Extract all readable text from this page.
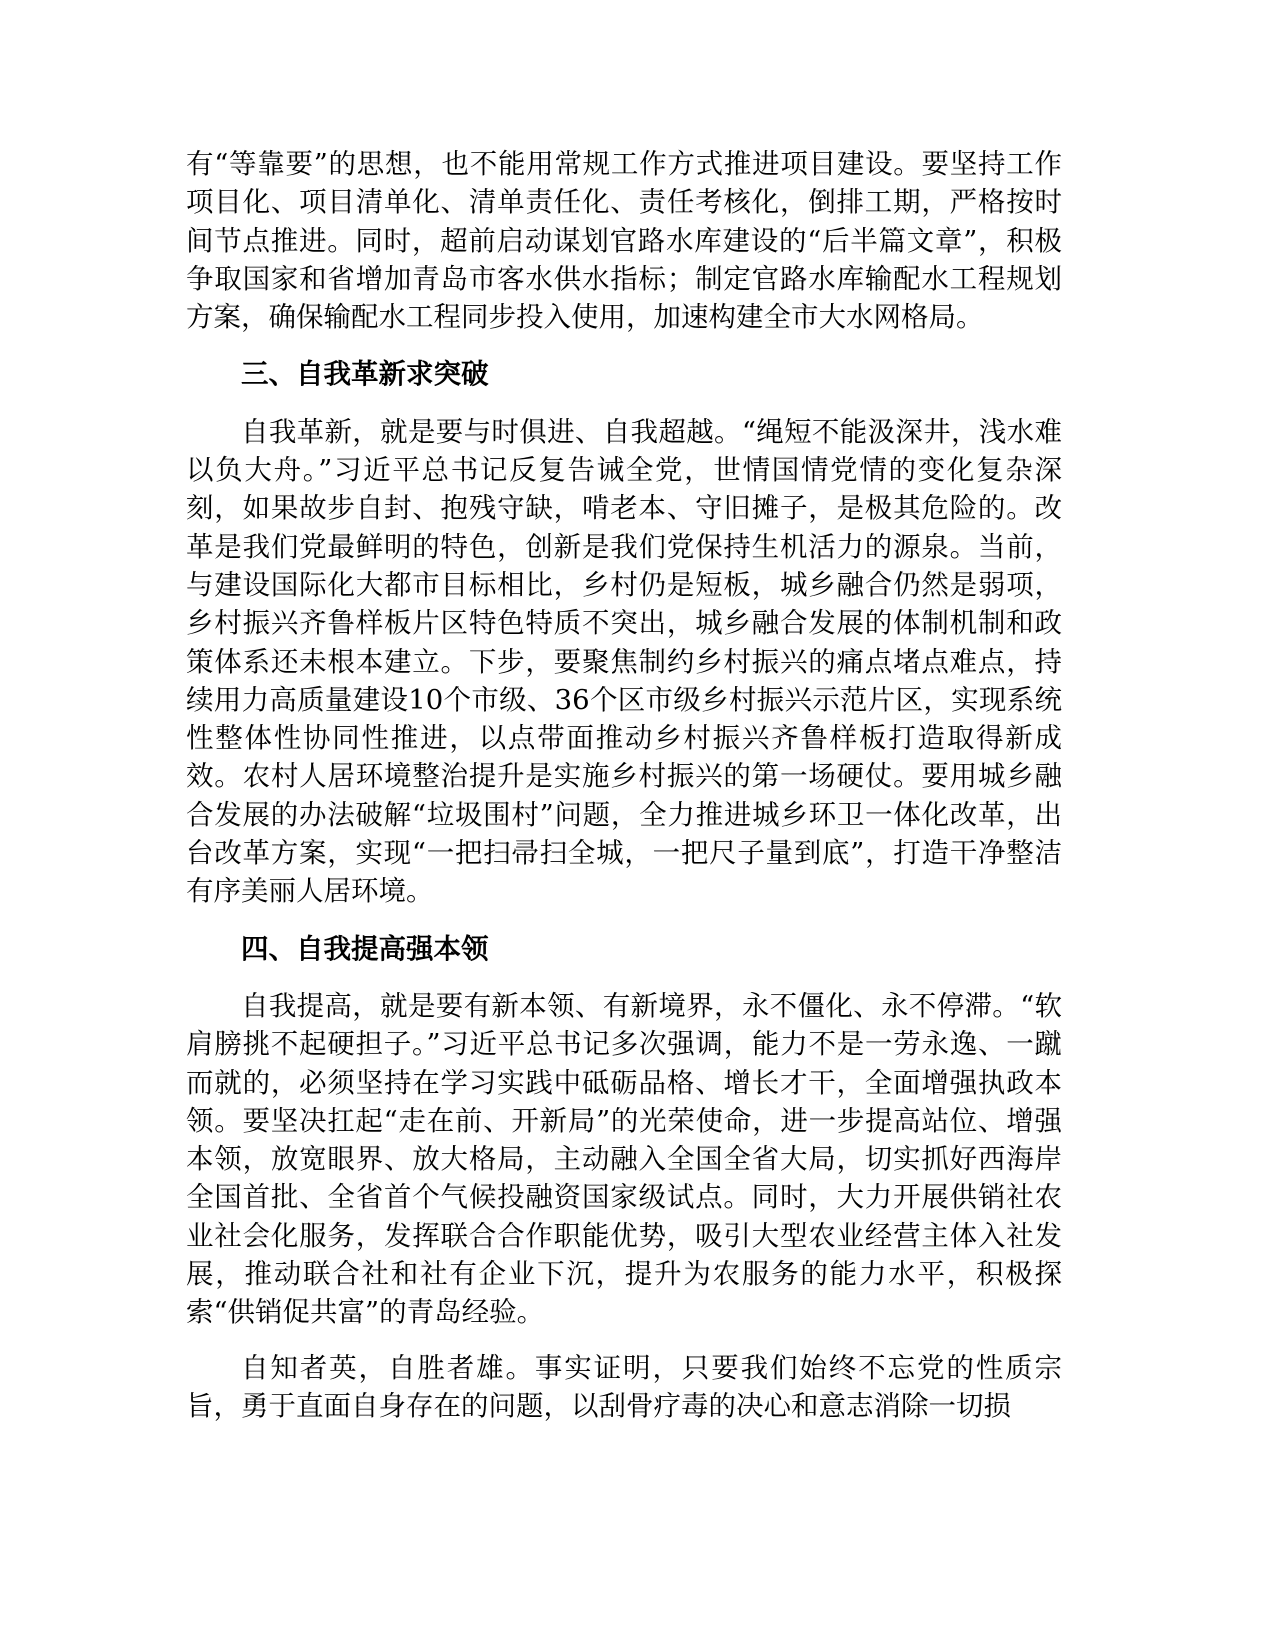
有“等靠要”的思想，也不能用常规工作方式推进项目建设。要坚持工作项目化、项目清单化、清单责任化、责任考核化，倒排工期，严格按时间节点推进。同时，超前启动谋划官路水库建设的“后半篇文章”，积极争取国家和省增加青岛市客水供水指标；制定官路水库输配水工程规划方案，确保输配水工程同步投入使用，加速构建全市大水网格局。

三、自我革新求突破

自我革新，就是要与时俱进、自我超越。“绳短不能汲深井，浅水难以负大舟。”习近平总书记反复告诫全党，世情国情党情的变化复杂深刻，如果故步自封、抱残守缺，啃老本、守旧摊子，是极其危险的。改革是我们党最鲜明的特色，创新是我们党保持生机活力的源泉。当前，与建设国际化大都市目标相比，乡村仍是短板，城乡融合仍然是弱项，乡村振兴齐鲁样板片区特色特质不突出，城乡融合发展的体制机制和政策体系还未根本建立。下步，要聚焦制约乡村振兴的痛点堵点难点，持续用力高质量建设10个市级、36个区市级乡村振兴示范片区，实现系统性整体性协同性推进，以点带面推动乡村振兴齐鲁样板打造取得新成效。农村人居环境整治提升是实施乡村振兴的第一场硬仗。要用城乡融合发展的办法破解“垃圾围村”问题，全力推进城乡环卫一体化改革，出台改革方案，实现“一把扫帚扫全城，一把尺子量到底”，打造干净整洁有序美丽人居环境。

四、自我提高强本领

自我提高，就是要有新本领、有新境界，永不僵化、永不停滞。“软肩膀挑不起硬担子。”习近平总书记多次强调，能力不是一劳永逸、一蹴而就的，必须坚持在学习实践中砥砺品格、增长才干，全面增强执政本领。要坚决扛起“走在前、开新局”的光荣使命，进一步提高站位、增强本领，放宽眼界、放大格局，主动融入全国全省大局，切实抓好西海岸全国首批、全省首个气候投融资国家级试点。同时，大力开展供销社农业社会化服务，发挥联合合作职能优势，吸引大型农业经营主体入社发展，推动联合社和社有企业下沉，提升为农服务的能力水平，积极探索“供销促共富”的青岛经验。

自知者英，自胜者雄。事实证明，只要我们始终不忘党的性质宗旨，勇于直面自身存在的问题，以刮骨疗毒的决心和意志消除一切损
